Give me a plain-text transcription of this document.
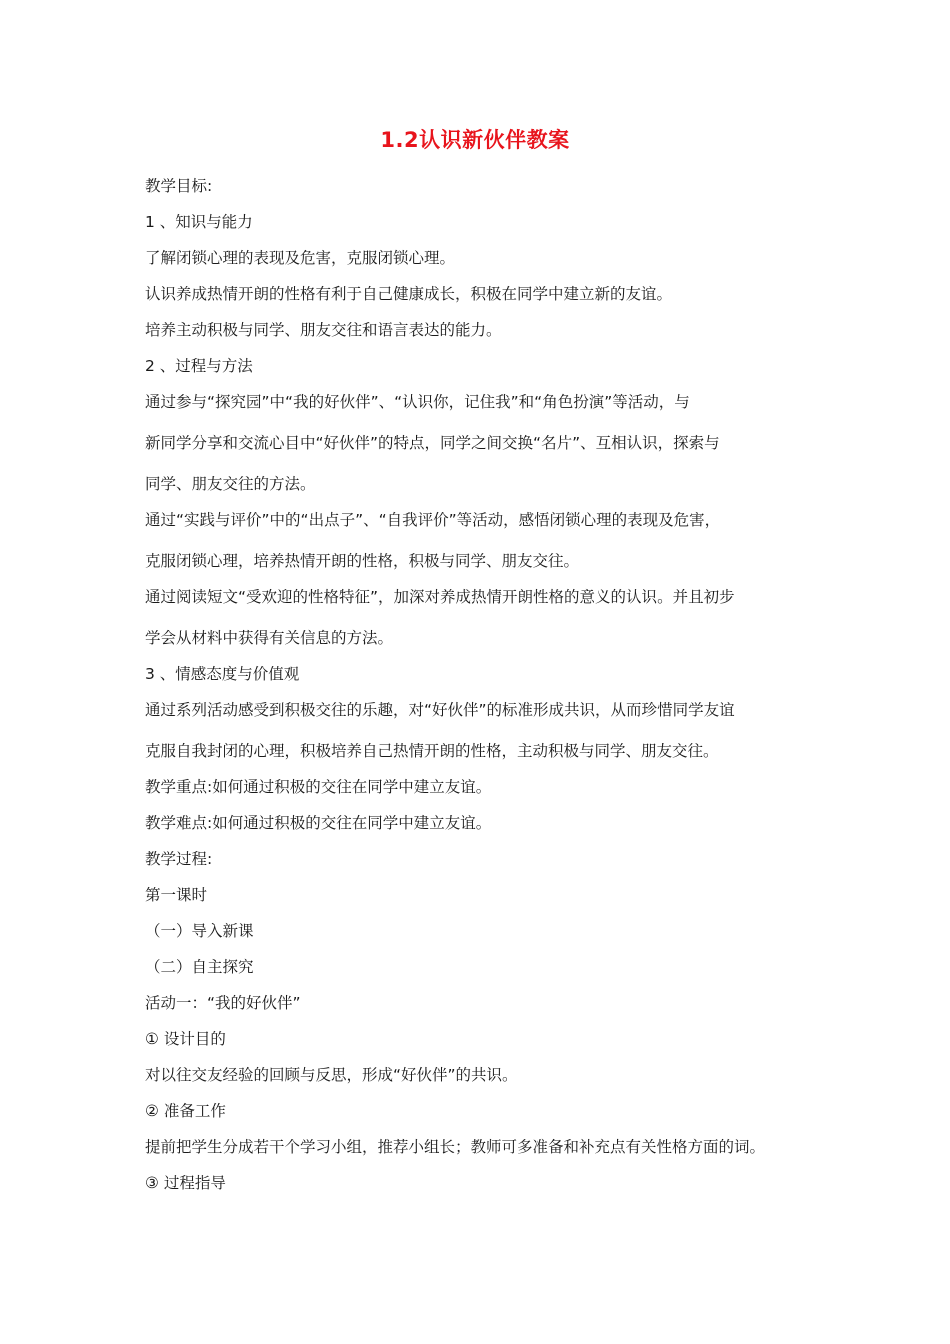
1.2认识新伙伴教案

教学目标:

1 、知识与能力

了解闭锁心理的表现及危害，克服闭锁心理。

认识养成热情开朗的性格有利于自己健康成长，积极在同学中建立新的友谊。

培养主动积极与同学、朋友交往和语言表达的能力。

2 、过程与方法

通过参与“探究园”中“我的好伙伴”、“认识你，记住我”和“角色扮演”等活动，与

新同学分享和交流心目中“好伙伴”的特点，同学之间交换“名片”、互相认识，探索与

同学、朋友交往的方法。

通过“实践与评价”中的“出点子”、“自我评价”等活动，感悟闭锁心理的表现及危害，

克服闭锁心理，培养热情开朗的性格，积极与同学、朋友交往。

通过阅读短文“受欢迎的性格特征”，加深对养成热情开朗性格的意义的认识。并且初步

学会从材料中获得有关信息的方法。

3 、情感态度与价值观

通过系列活动感受到积极交往的乐趣，对“好伙伴”的标准形成共识，从而珍惜同学友谊

克服自我封闭的心理，积极培养自己热情开朗的性格，主动积极与同学、朋友交往。

教学重点:如何通过积极的交往在同学中建立友谊。

教学难点:如何通过积极的交往在同学中建立友谊。

教学过程:

第一课时

（一）导入新课

（二）自主探究

活动一：“我的好伙伴”

① 设计目的

对以往交友经验的回顾与反思，形成“好伙伴”的共识。

② 准备工作

提前把学生分成若干个学习小组，推荐小组长；教师可多准备和补充点有关性格方面的词。

③ 过程指导
